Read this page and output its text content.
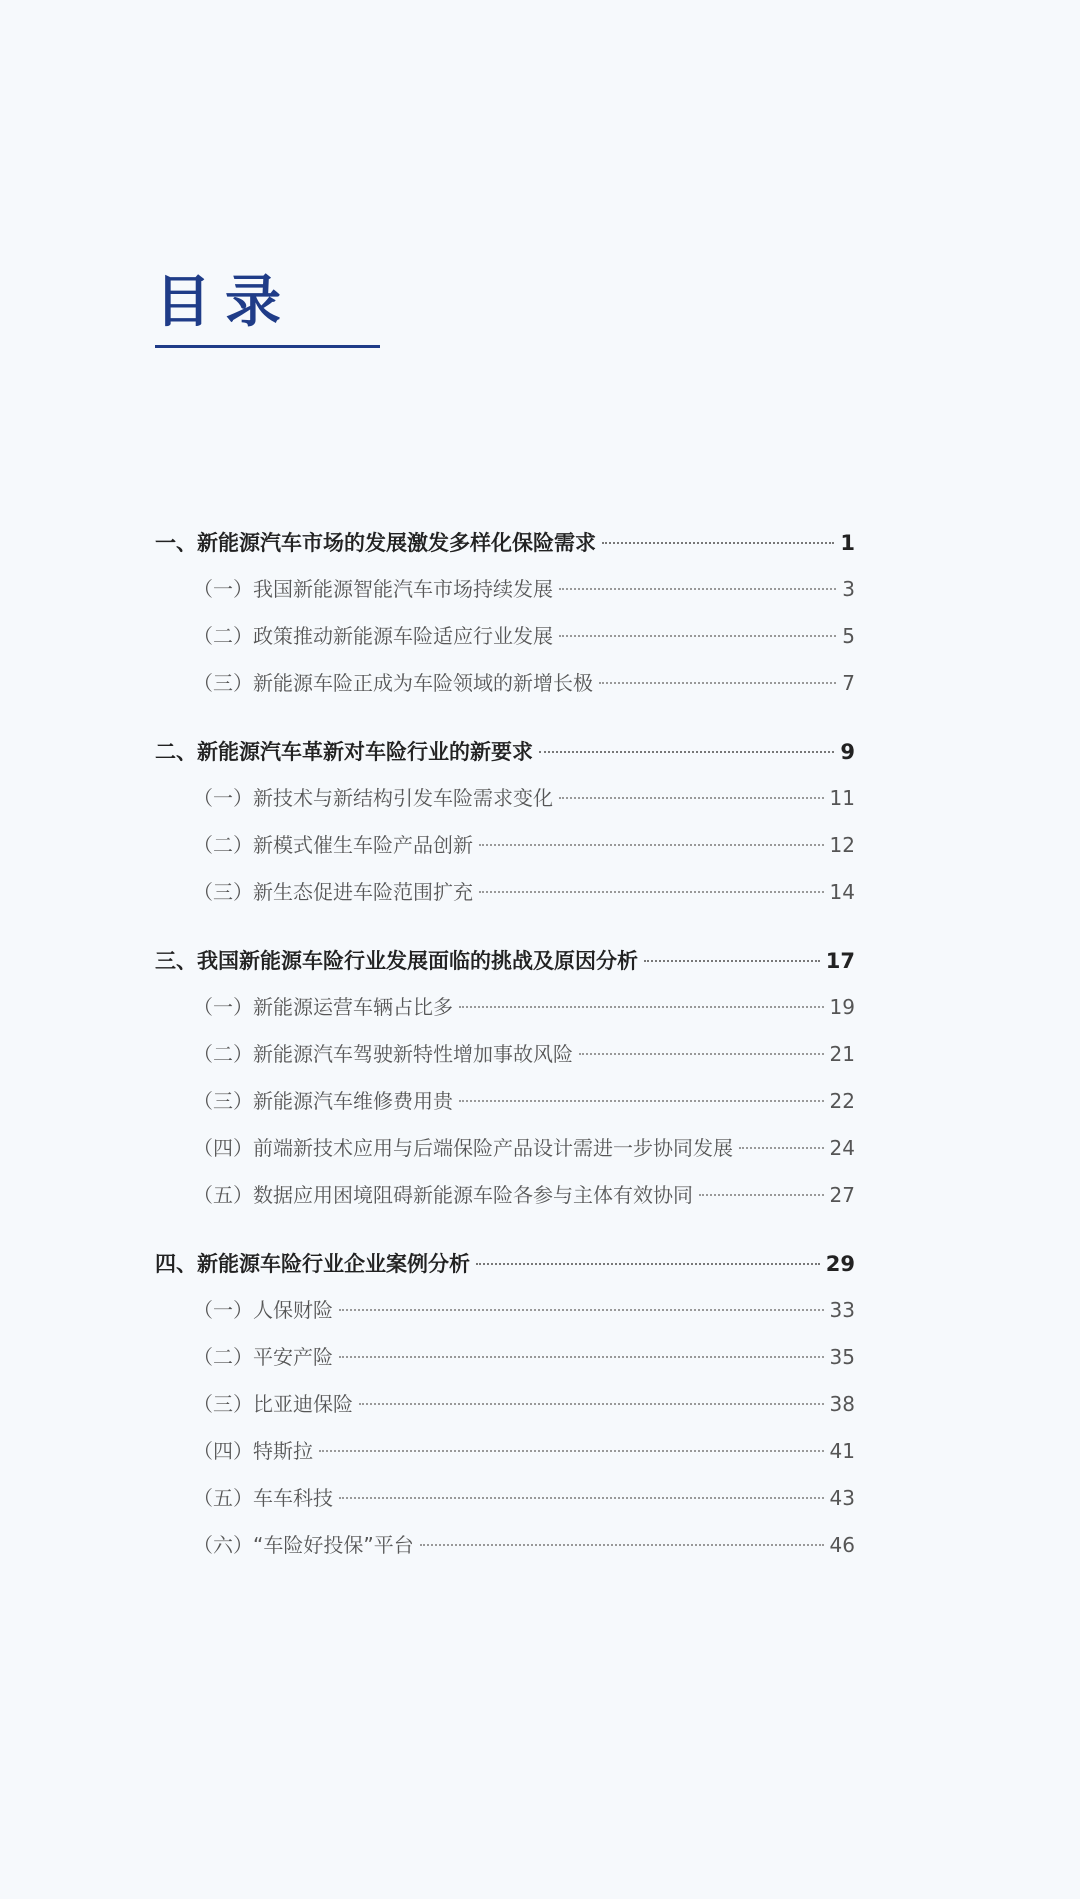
目录
一、新能源汽车市场的发展激发多样化保险需求	1
（一）我国新能源智能汽车市场持续发展	3
（二）政策推动新能源车险适应行业发展	5
（三）新能源车险正成为车险领域的新增长极	7
二、新能源汽车革新对车险行业的新要求	9
（一）新技术与新结构引发车险需求变化	11
（二）新模式催生车险产品创新	12
（三）新生态促进车险范围扩充	14
三、我国新能源车险行业发展面临的挑战及原因分析	17
（一）新能源运营车辆占比多	19
（二）新能源汽车驾驶新特性增加事故风险	21
（三）新能源汽车维修费用贵	22
（四）前端新技术应用与后端保险产品设计需进一步协同发展	24
（五）数据应用困境阻碍新能源车险各参与主体有效协同	27
四、新能源车险行业企业案例分析	29
（一）人保财险	33
（二）平安产险	35
（三）比亚迪保险	38
（四）特斯拉	41
（五）车车科技	43
（六）“车险好投保”平台	46
